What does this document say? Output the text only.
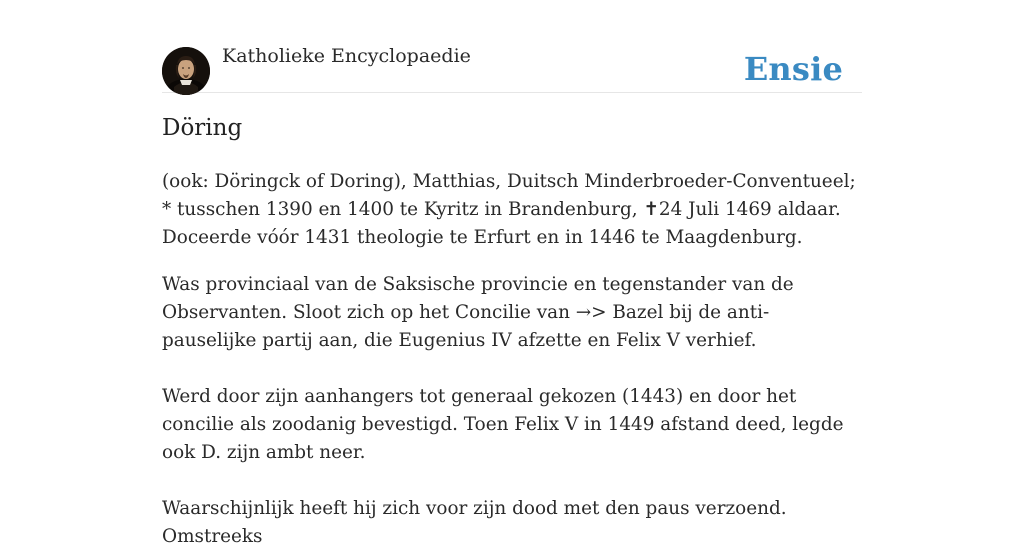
Katholieke Encyclopaedie	Ensie
Döring

(ook: Döringck of Doring), Matthias, Duitsch Minderbroeder-Conventueel; * tusschen 1390 en 1400 te Kyritz in Brandenburg, ✝24 Juli 1469 aldaar. Doceerde vóór 1431 theologie te Erfurt en in 1446 te Maagdenburg.

Was provinciaal van de Saksische provincie en tegenstander van de Observanten. Sloot zich op het Concilie van →> Bazel bij de anti-pauselijke partij aan, die Eugenius IV afzette en Felix V verhief.

Werd door zijn aanhangers tot generaal gekozen (1443) en door het concilie als zoodanig bevestigd. Toen Felix V in 1449 afstand deed, legde ook D. zijn ambt neer.

Waarschijnlijk heeft hij zich voor zijn dood met den paus verzoend. Omstreeks
